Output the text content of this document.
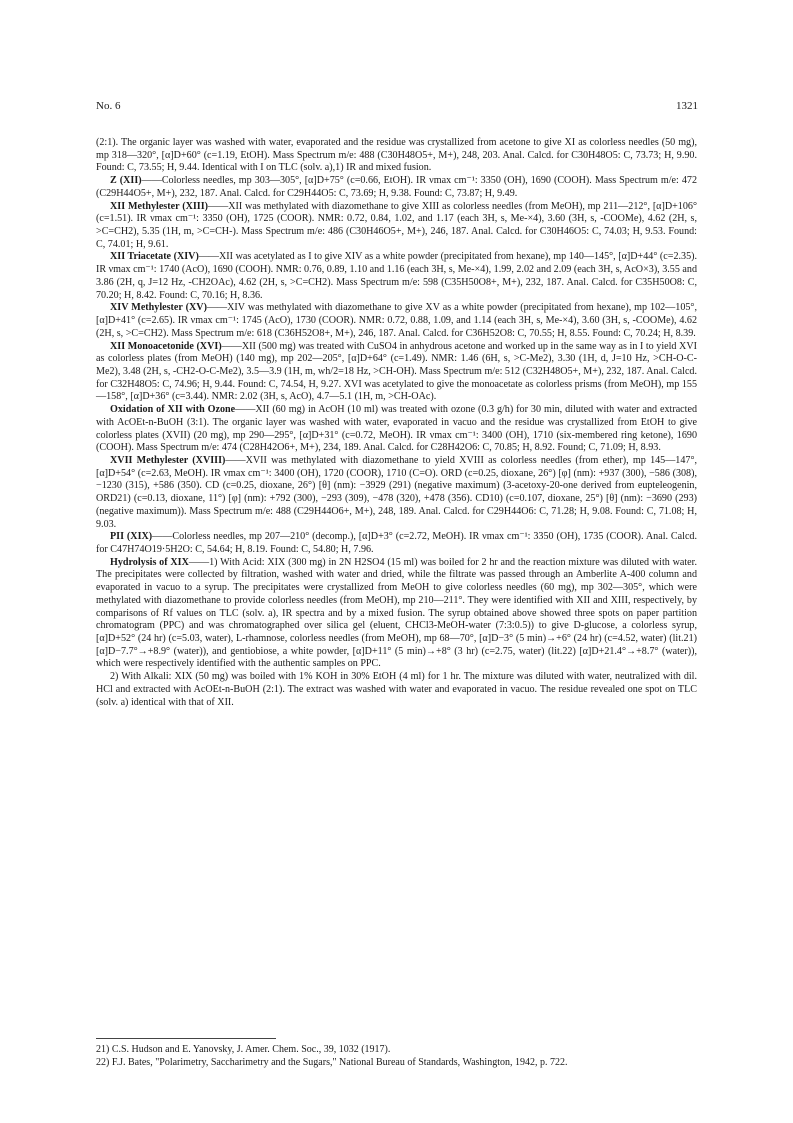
No. 6	1321

(2:1). The organic layer was washed with water, evaporated and the residue was crystallized from acetone to give XI as colorless needles (50 mg), mp 318—320°, [α]D+60° (c=1.19, EtOH). Mass Spectrum m/e: 488 (C30H48O5+, M+), 248, 203. Anal. Calcd. for C30H48O5: C, 73.73; H, 9.90. Found: C, 73.55; H, 9.44. Identical with I on TLC (solv. a),1) IR and mixed fusion.

Z (XII)——Colorless needles, mp 303—305°, [α]D+75° (c=0.66, EtOH). IR νmax cm⁻¹: 3350 (OH), 1690 (COOH). Mass Spectrum m/e: 472 (C29H44O5+, M+), 232, 187. Anal. Calcd. for C29H44O5: C, 73.69; H, 9.38. Found: C, 73.87; H, 9.49.

XII Methylester (XIII)——XII was methylated with diazomethane to give XIII as colorless needles (from MeOH), mp 211—212°, [α]D+106° (c=1.51). IR νmax cm⁻¹: 3350 (OH), 1725 (COOR). NMR: 0.72, 0.84, 1.02, and 1.17 (each 3H, s, Me-×4), 3.60 (3H, s, -COOMe), 4.62 (2H, s, >C=CH2), 5.35 (1H, m, >C=CH-). Mass Spectrum m/e: 486 (C30H46O5+, M+), 246, 187. Anal. Calcd. for C30H46O5: C, 74.03; H, 9.53. Found: C, 74.01; H, 9.61.

XII Triacetate (XIV)——XII was acetylated as I to give XIV as a white powder (precipitated from hexane), mp 140—145°, [α]D+44° (c=2.35). IR νmax cm⁻¹: 1740 (AcO), 1690 (COOH). NMR: 0.76, 0.89, 1.10 and 1.16 (each 3H, s, Me-×4), 1.99, 2.02 and 2.09 (each 3H, s, AcO×3), 3.55 and 3.86 (2H, q, J=12 Hz, -CH2OAc), 4.62 (2H, s, >C=CH2). Mass Spectrum m/e: 598 (C35H50O8+, M+), 232, 187. Anal. Calcd. for C35H50O8: C, 70.20; H, 8.42. Found: C, 70.16; H, 8.36.

XIV Methylester (XV)——XIV was methylated with diazomethane to give XV as a white powder (precipitated from hexane), mp 102—105°, [α]D+41° (c=2.65). IR νmax cm⁻¹: 1745 (AcO), 1730 (COOR). NMR: 0.72, 0.88, 1.09, and 1.14 (each 3H, s, Me-×4), 3.60 (3H, s, -COOMe), 4.62 (2H, s, >C=CH2). Mass Spectrum m/e: 618 (C36H52O8+, M+), 246, 187. Anal. Calcd. for C36H52O8: C, 70.55; H, 8.55. Found: C, 70.24; H, 8.39.

XII Monoacetonide (XVI)——XII (500 mg) was treated with CuSO4 in anhydrous acetone and worked up in the same way as in I to yield XVI as colorless plates (from MeOH) (140 mg), mp 202—205°, [α]D+64° (c=1.49). NMR: 1.46 (6H, s, >C-Me2), 3.30 (1H, d, J=10 Hz, >CH-O-C-Me2), 3.48 (2H, s, -CH2-O-C-Me2), 3.5—3.9 (1H, m, wh/2=18 Hz, >CH-OH). Mass Spectrum m/e: 512 (C32H48O5+, M+), 232, 187. Anal. Calcd. for C32H48O5: C, 74.96; H, 9.44. Found: C, 74.54, H, 9.27. XVI was acetylated to give the monoacetate as colorless prisms (from MeOH), mp 155—158°, [α]D+36° (c=3.44). NMR: 2.02 (3H, s, AcO), 4.7—5.1 (1H, m, >CH-OAc).

Oxidation of XII with Ozone——XII (60 mg) in AcOH (10 ml) was treated with ozone (0.3 g/h) for 30 min, diluted with water and extracted with AcOEt-n-BuOH (3:1). The organic layer was washed with water, evaporated in vacuo and the residue was crystallized from EtOH to give colorless plates (XVII) (20 mg), mp 290—295°, [α]D+31° (c=0.72, MeOH). IR νmax cm⁻¹: 3400 (OH), 1710 (six-membered ring ketone), 1690 (COOH). Mass Spectrum m/e: 474 (C28H42O6+, M+), 234, 189. Anal. Calcd. for C28H42O6: C, 70.85; H, 8.92. Found; C, 71.09; H, 8.93.

XVII Methylester (XVIII)——XVII was methylated with diazomethane to yield XVIII as colorless needles (from ether), mp 145—147°, [α]D+54° (c=2.63, MeOH). IR νmax cm⁻¹: 3400 (OH), 1720 (COOR), 1710 (C=O). ORD (c=0.25, dioxane, 26°) [φ] (nm): +937 (300), −586 (308), −1230 (315), +586 (350). CD (c=0.25, dioxane, 26°) [θ] (nm): −3929 (291) (negative maximum) (3-acetoxy-20-one derived from eupteleogenin, ORD21) (c=0.13, dioxane, 11°) [φ] (nm): +792 (300), −293 (309), −478 (320), +478 (356). CD10) (c=0.107, dioxane, 25°) [θ] (nm): −3690 (293) (negative maximum)). Mass Spectrum m/e: 488 (C29H44O6+, M+), 248, 189. Anal. Calcd. for C29H44O6: C, 71.28; H, 9.08. Found: C, 71.08; H, 9.03.

PII (XIX)——Colorless needles, mp 207—210° (decomp.), [α]D+3° (c=2.72, MeOH). IR νmax cm⁻¹: 3350 (OH), 1735 (COOR). Anal. Calcd. for C47H74O19·5H2O: C, 54.64; H, 8.19. Found: C, 54.80; H, 7.96.

Hydrolysis of XIX——1) With Acid: XIX (300 mg) in 2N H2SO4 (15 ml) was boiled for 2 hr and the reaction mixture was diluted with water. The precipitates were collected by filtration, washed with water and dried, while the filtrate was passed through an Amberlite A-400 column and evaporated in vacuo to a syrup. The precipitates were crystallized from MeOH to give colorless needles (60 mg), mp 302—305°, which were methylated with diazomethane to provide colorless needles (from MeOH), mp 210—211°. They were identified with XII and XIII, respectively, by comparisons of Rf values on TLC (solv. a), IR spectra and by a mixed fusion. The syrup obtained above showed three spots on paper partition chromatogram (PPC) and was chromatographed over silica gel (eluent, CHCl3-MeOH-water (7:3:0.5)) to give D-glucose, a colorless syrup, [α]D+52° (24 hr) (c=5.03, water), L-rhamnose, colorless needles (from MeOH), mp 68—70°, [α]D−3° (5 min)→+6° (24 hr) (c=4.52, water) (lit.21) [α]D−7.7°→+8.9° (water)), and gentiobiose, a white powder, [α]D+11° (5 min)→+8° (3 hr) (c=2.75, water) (lit.22) [α]D+21.4°→+8.7° (water)), which were respectively identified with the authentic samples on PPC.

2) With Alkali: XIX (50 mg) was boiled with 1% KOH in 30% EtOH (4 ml) for 1 hr. The mixture was diluted with water, neutralized with dil. HCl and extracted with AcOEt-n-BuOH (2:1). The extract was washed with water and evaporated in vacuo. The residue revealed one spot on TLC (solv. a) identical with that of XII.

21) C.S. Hudson and E. Yanovsky, J. Amer. Chem. Soc., 39, 1032 (1917).

22) F.J. Bates, "Polarimetry, Saccharimetry and the Sugars," National Bureau of Standards, Washington, 1942, p. 722.
